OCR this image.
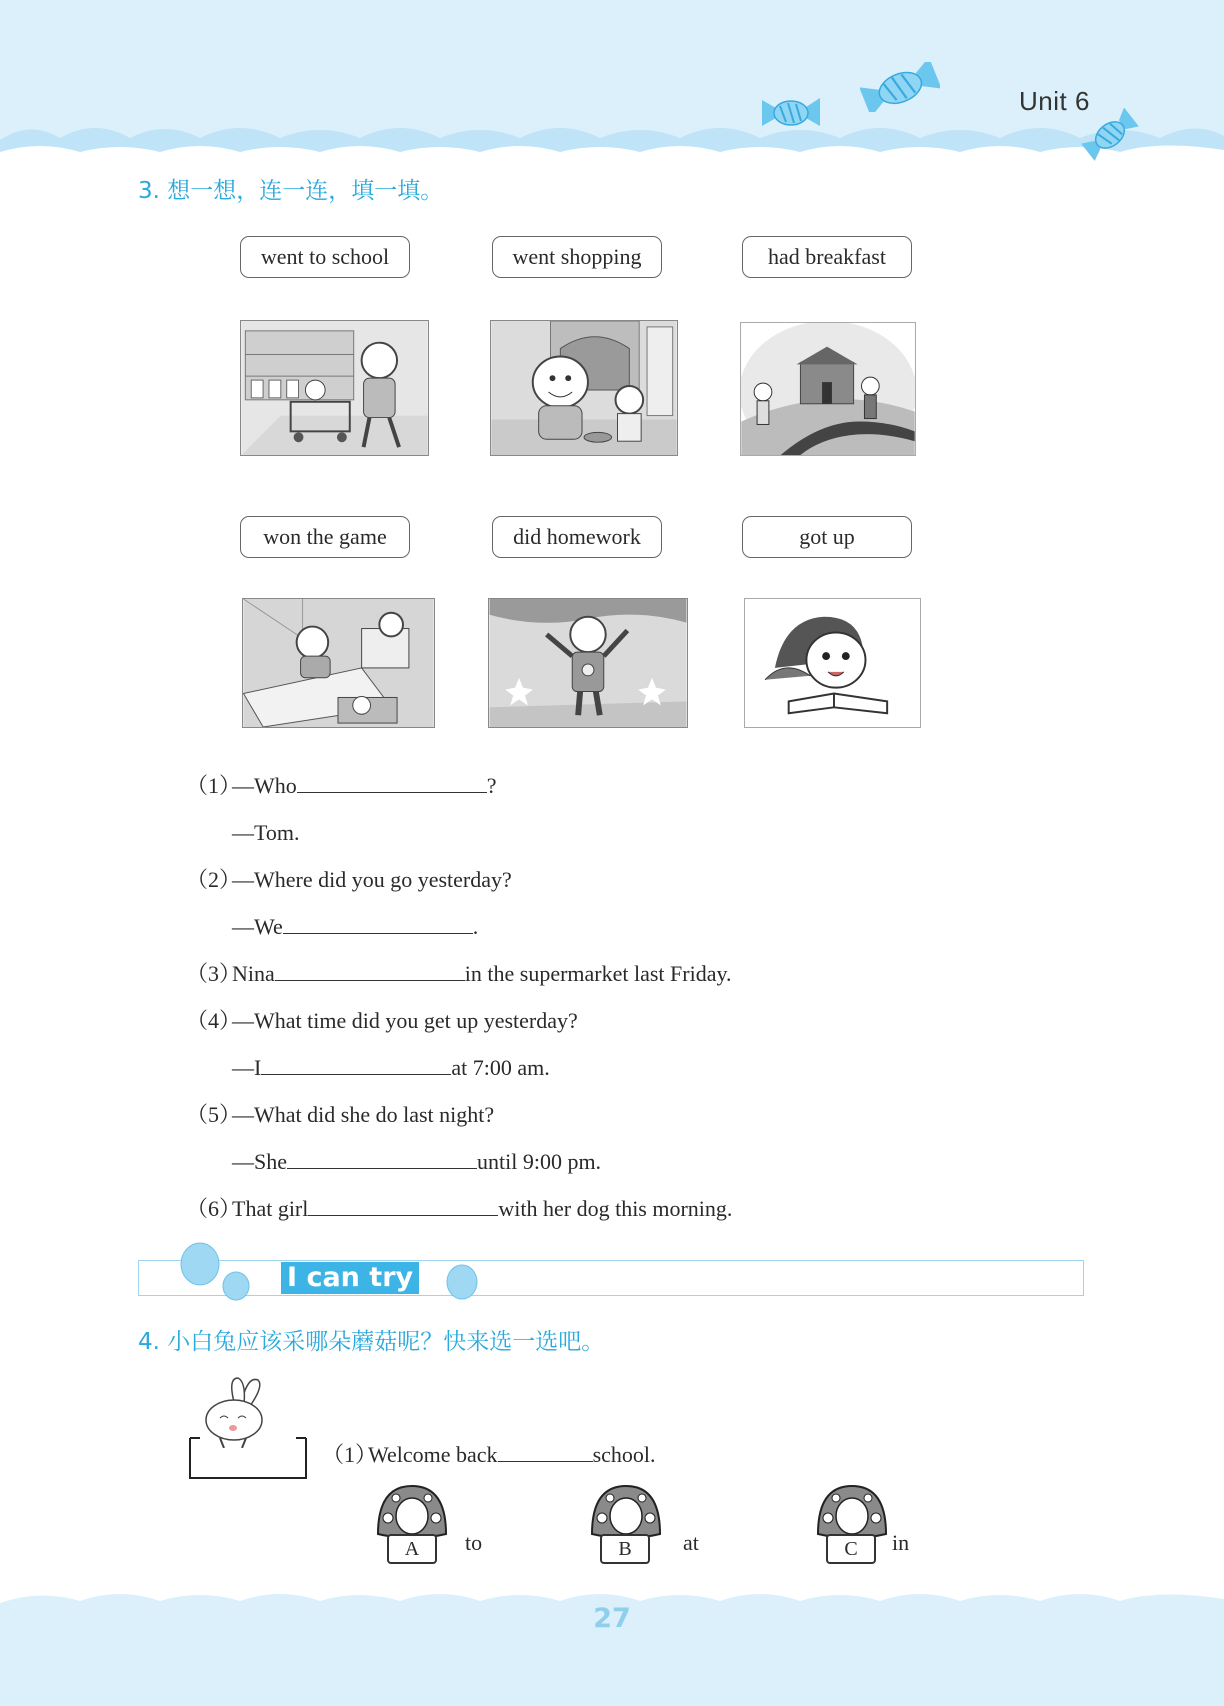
Unit 6
3. 想一想，连一连，填一填。
went to school	went shopping	had breakfast
won the game	did homework	got up
（1）—Who	?
—Tom.
（2）—Where did you go yesterday?
—We	.
（3）Nina	in the supermarket last Friday.
（4）—What time did you get up yesterday?
—I	at 7:00 am.
（5）—What did she do last night?
—She	until 9:00 pm.
（6）That girl	with her dog this morning.
I can try
4. 小白兔应该采哪朵蘑菇呢？快来选一选吧。
（1）Welcome back	school.
A	to	B	at	C	in
27
